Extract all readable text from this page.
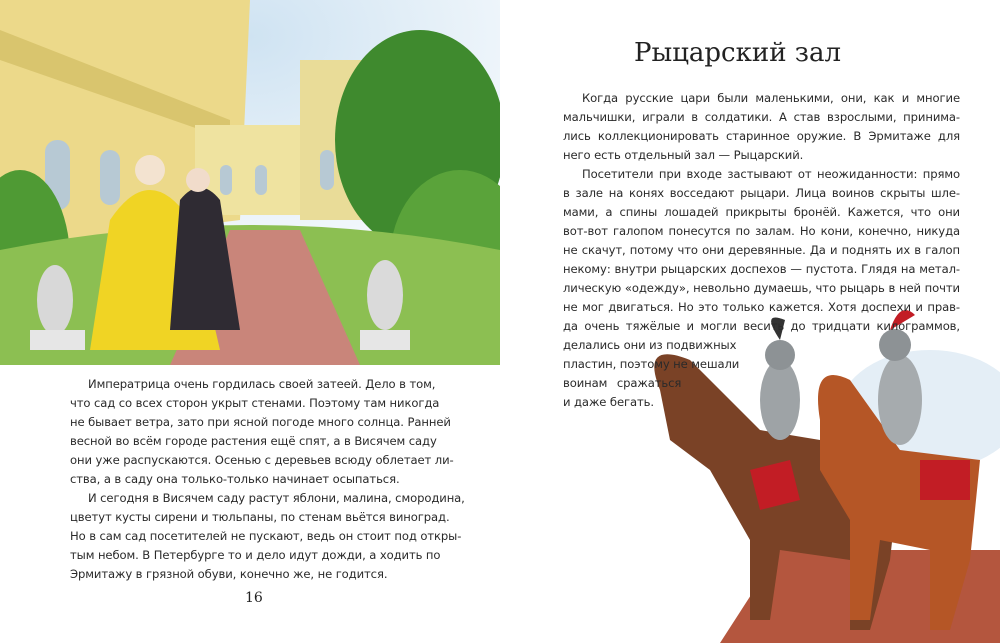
Императрица очень гордилась своей затеей. Дело в том,
что сад со всех сторон укрыт стенами. Поэтому там никогда
не бывает ветра, зато при ясной погоде много солнца. Ранней
весной во всём городе растения ещё спят, а в Висячем саду
они уже распускаются. Осенью с деревьев всюду облетает ли-
ства, а в саду она только-только начинает осыпаться.
И сегодня в Висячем саду растут яблони, малина, смородина,
цветут кусты сирени и тюльпаны, по стенам вьётся виноград.
Но в сам сад посетителей не пускают, ведь он стоит под откры-
тым небом. В Петербурге то и дело идут дожди, а ходить по
Эрмитажу в грязной обуви, конечно же, не годится.
16
Рыцарский зал
Когда русские цари были маленькими, они, как и многие
мальчишки, играли в солдатики. А став взрослыми, принима-
лись коллекционировать старинное оружие. В Эрмитаже для
него есть отдельный зал — Рыцарский.
Посетители при входе застывают от неожиданности: прямо
в зале на конях восседают рыцари. Лица воинов скрыты шле-
мами, а спины лошадей прикрыты бронёй. Кажется, что они
вот-вот галопом понесутся по залам. Но кони, конечно, никуда
не скачут, потому что они деревянные. Да и поднять их в галоп
некому: внутри рыцарских доспехов — пустота. Глядя на метал-
лическую «одежду», невольно думаешь, что рыцарь в ней почти
не мог двигаться. Но это только кажется. Хотя доспехи и прав-
да очень тяжёлые и могли весить до тридцати килограммов,
делались они из подвижных
пластин, поэтому не мешали
воинам сражаться
и даже бегать.
